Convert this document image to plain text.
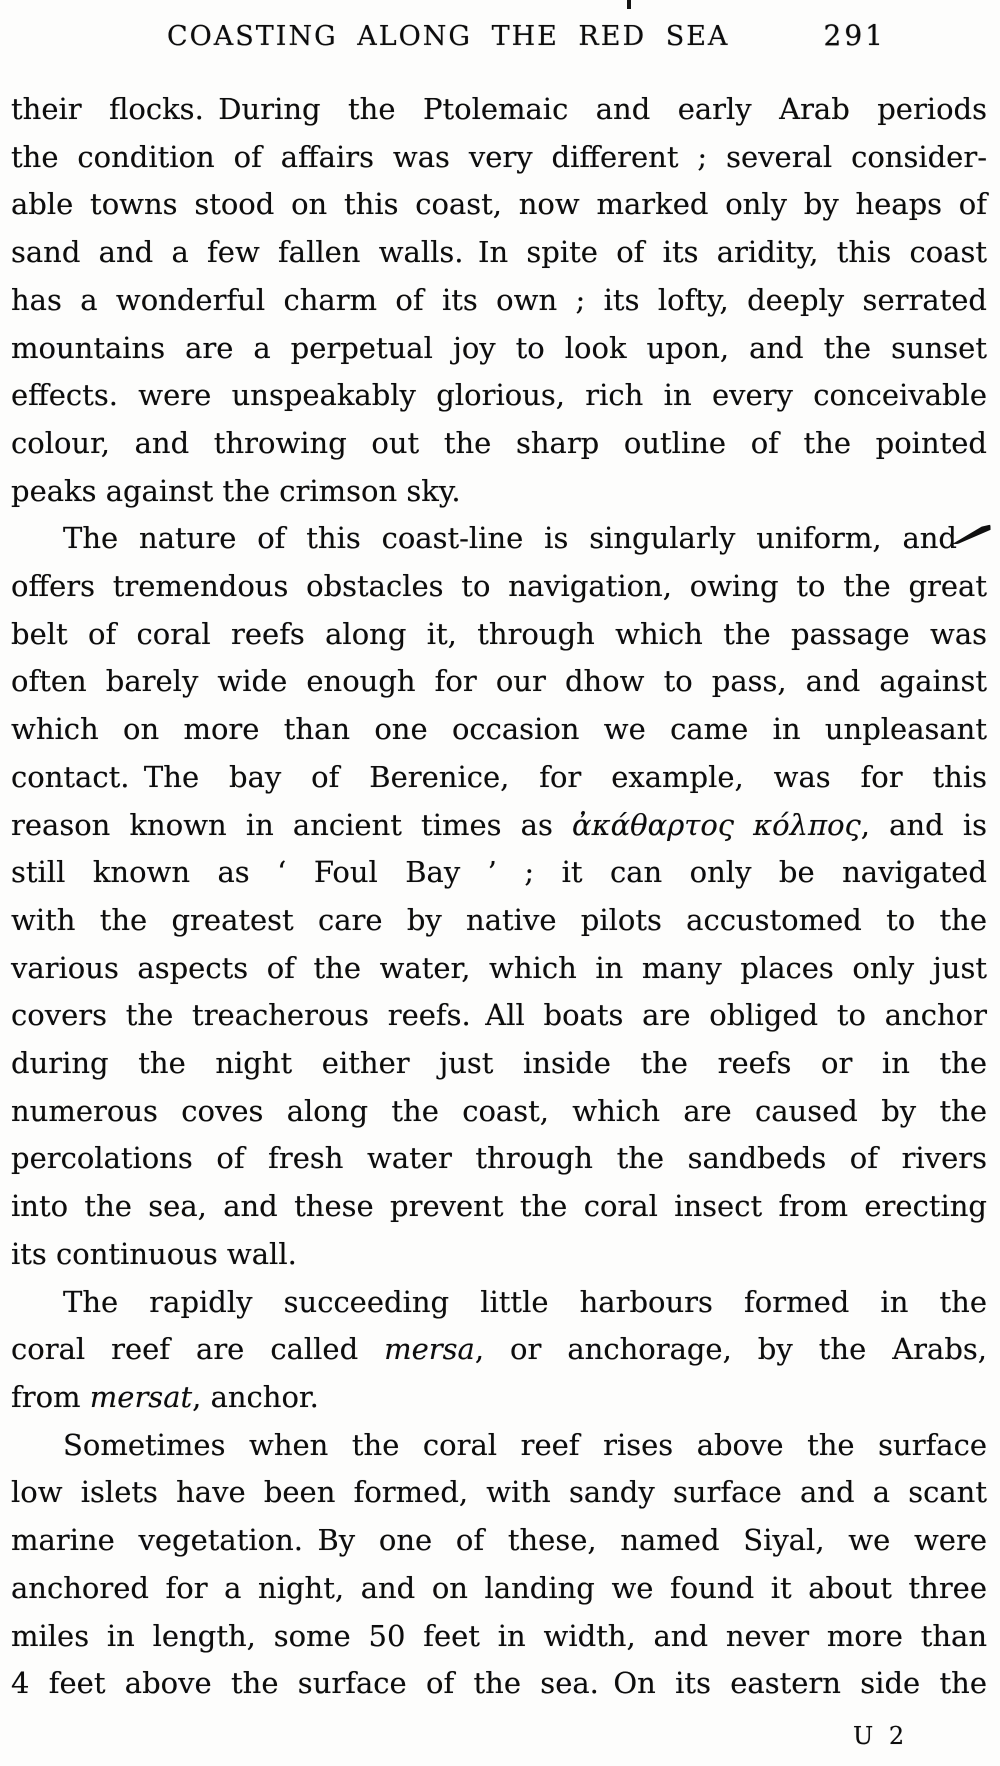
COASTING ALONG THE RED SEA	291
their flocks. During the Ptolemaic and early Arab periods
the condition of affairs was very different ; several consider-
able towns stood on this coast, now marked only by heaps of
sand and a few fallen walls. In spite of its aridity, this coast
has a wonderful charm of its own ; its lofty, deeply serrated
mountains are a perpetual joy to look upon, and the sunset
effects. were unspeakably glorious, rich in every conceivable
colour, and throwing out the sharp outline of the pointed
peaks against the crimson sky.
The nature of this coast-line is singularly uniform, and
offers tremendous obstacles to navigation, owing to the great
belt of coral reefs along it, through which the passage was
often barely wide enough for our dhow to pass, and against
which on more than one occasion we came in unpleasant
contact. The bay of Berenice, for example, was for this
reason known in ancient times as ἀκάθαρτος κόλπος, and is
still known as ‘ Foul Bay ’ ; it can only be navigated
with the greatest care by native pilots accustomed to the
various aspects of the water, which in many places only just
covers the treacherous reefs. All boats are obliged to anchor
during the night either just inside the reefs or in the
numerous coves along the coast, which are caused by the
percolations of fresh water through the sandbeds of rivers
into the sea, and these prevent the coral insect from erecting
its continuous wall.
The rapidly succeeding little harbours formed in the
coral reef are called mersa, or anchorage, by the Arabs,
from mersat, anchor.
Sometimes when the coral reef rises above the surface
low islets have been formed, with sandy surface and a scant
marine vegetation. By one of these, named Siyal, we were
anchored for a night, and on landing we found it about three
miles in length, some 50 feet in width, and never more than
4 feet above the surface of the sea. On its eastern side the
U 2
